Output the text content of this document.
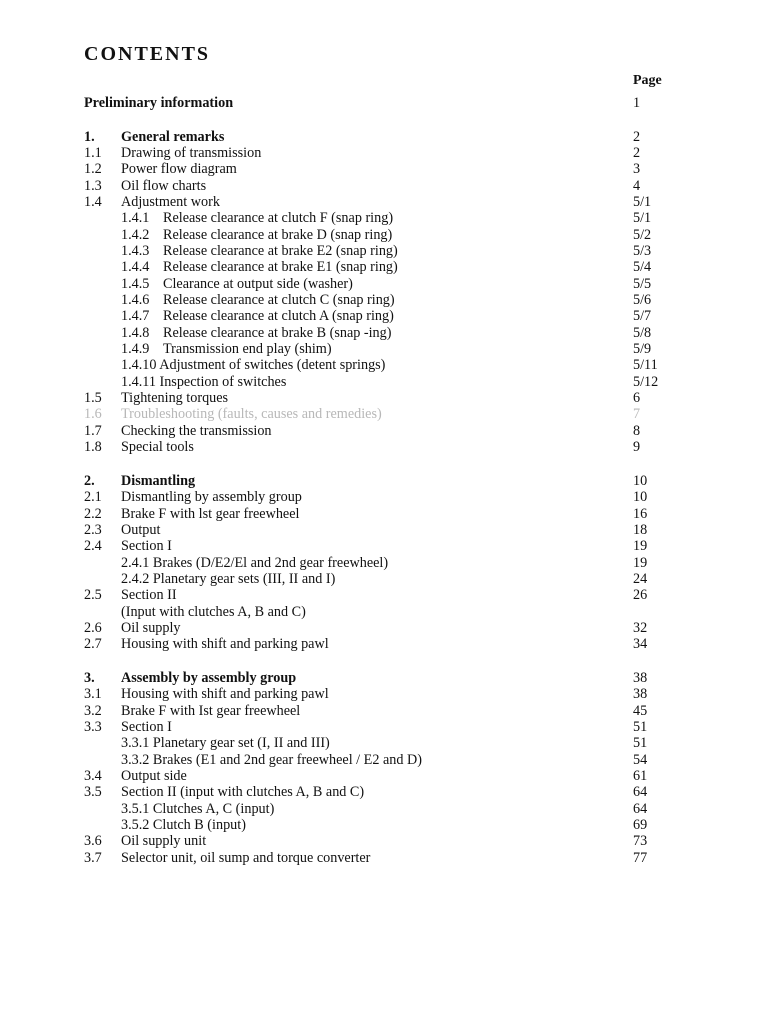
CONTENTS
Page
Preliminary information	1
1. General remarks	2
1.1 Drawing of transmission	2
1.2 Power flow diagram	3
1.3 Oil flow charts	4
1.4 Adjustment work	5/1
1.4.1 Release clearance at clutch F (snap ring)	5/1
1.4.2 Release clearance at brake D (snap ring)	5/2
1.4.3 Release clearance at brake E2 (snap ring)	5/3
1.4.4 Release clearance at brake E1 (snap ring)	5/4
1.4.5 Clearance at output side (washer)	5/5
1.4.6 Release clearance at clutch C (snap ring)	5/6
1.4.7 Release clearance at clutch A (snap ring)	5/7
1.4.8 Release clearance at brake B (snap -ing)	5/8
1.4.9 Transmission end play (shim)	5/9
1.4.10 Adjustment of switches (detent springs)	5/11
1.4.11 Inspection of switches	5/12
1.5 Tightening torques	6
1.6 Troubleshooting (faults, causes and remedies)	7
1.7 Checking the transmission	8
1.8 Special tools	9
2. Dismantling	10
2.1 Dismantling by assembly group	10
2.2 Brake F with lst gear freewheel	16
2.3 Output	18
2.4 Section I	19
2.4.1 Brakes (D/E2/El and 2nd gear freewheel)	19
2.4.2 Planetary gear sets (III, II and I)	24
2.5 Section II	26
(Input with clutches A, B and C)
2.6 Oil supply	32
2.7 Housing with shift and parking pawl	34
3. Assembly by assembly group	38
3.1 Housing with shift and parking pawl	38
3.2 Brake F with Ist gear freewheel	45
3.3 Section I	51
3.3.1 Planetary gear set (I, II and III)	51
3.3.2 Brakes (E1 and 2nd gear freewheel / E2 and D)	54
3.4 Output side	61
3.5 Section II (input with clutches A, B and C)	64
3.5.1 Clutches A, C (input)	64
3.5.2 Clutch B (input)	69
3.6 Oil supply unit	73
3.7 Selector unit, oil sump and torque converter	77
